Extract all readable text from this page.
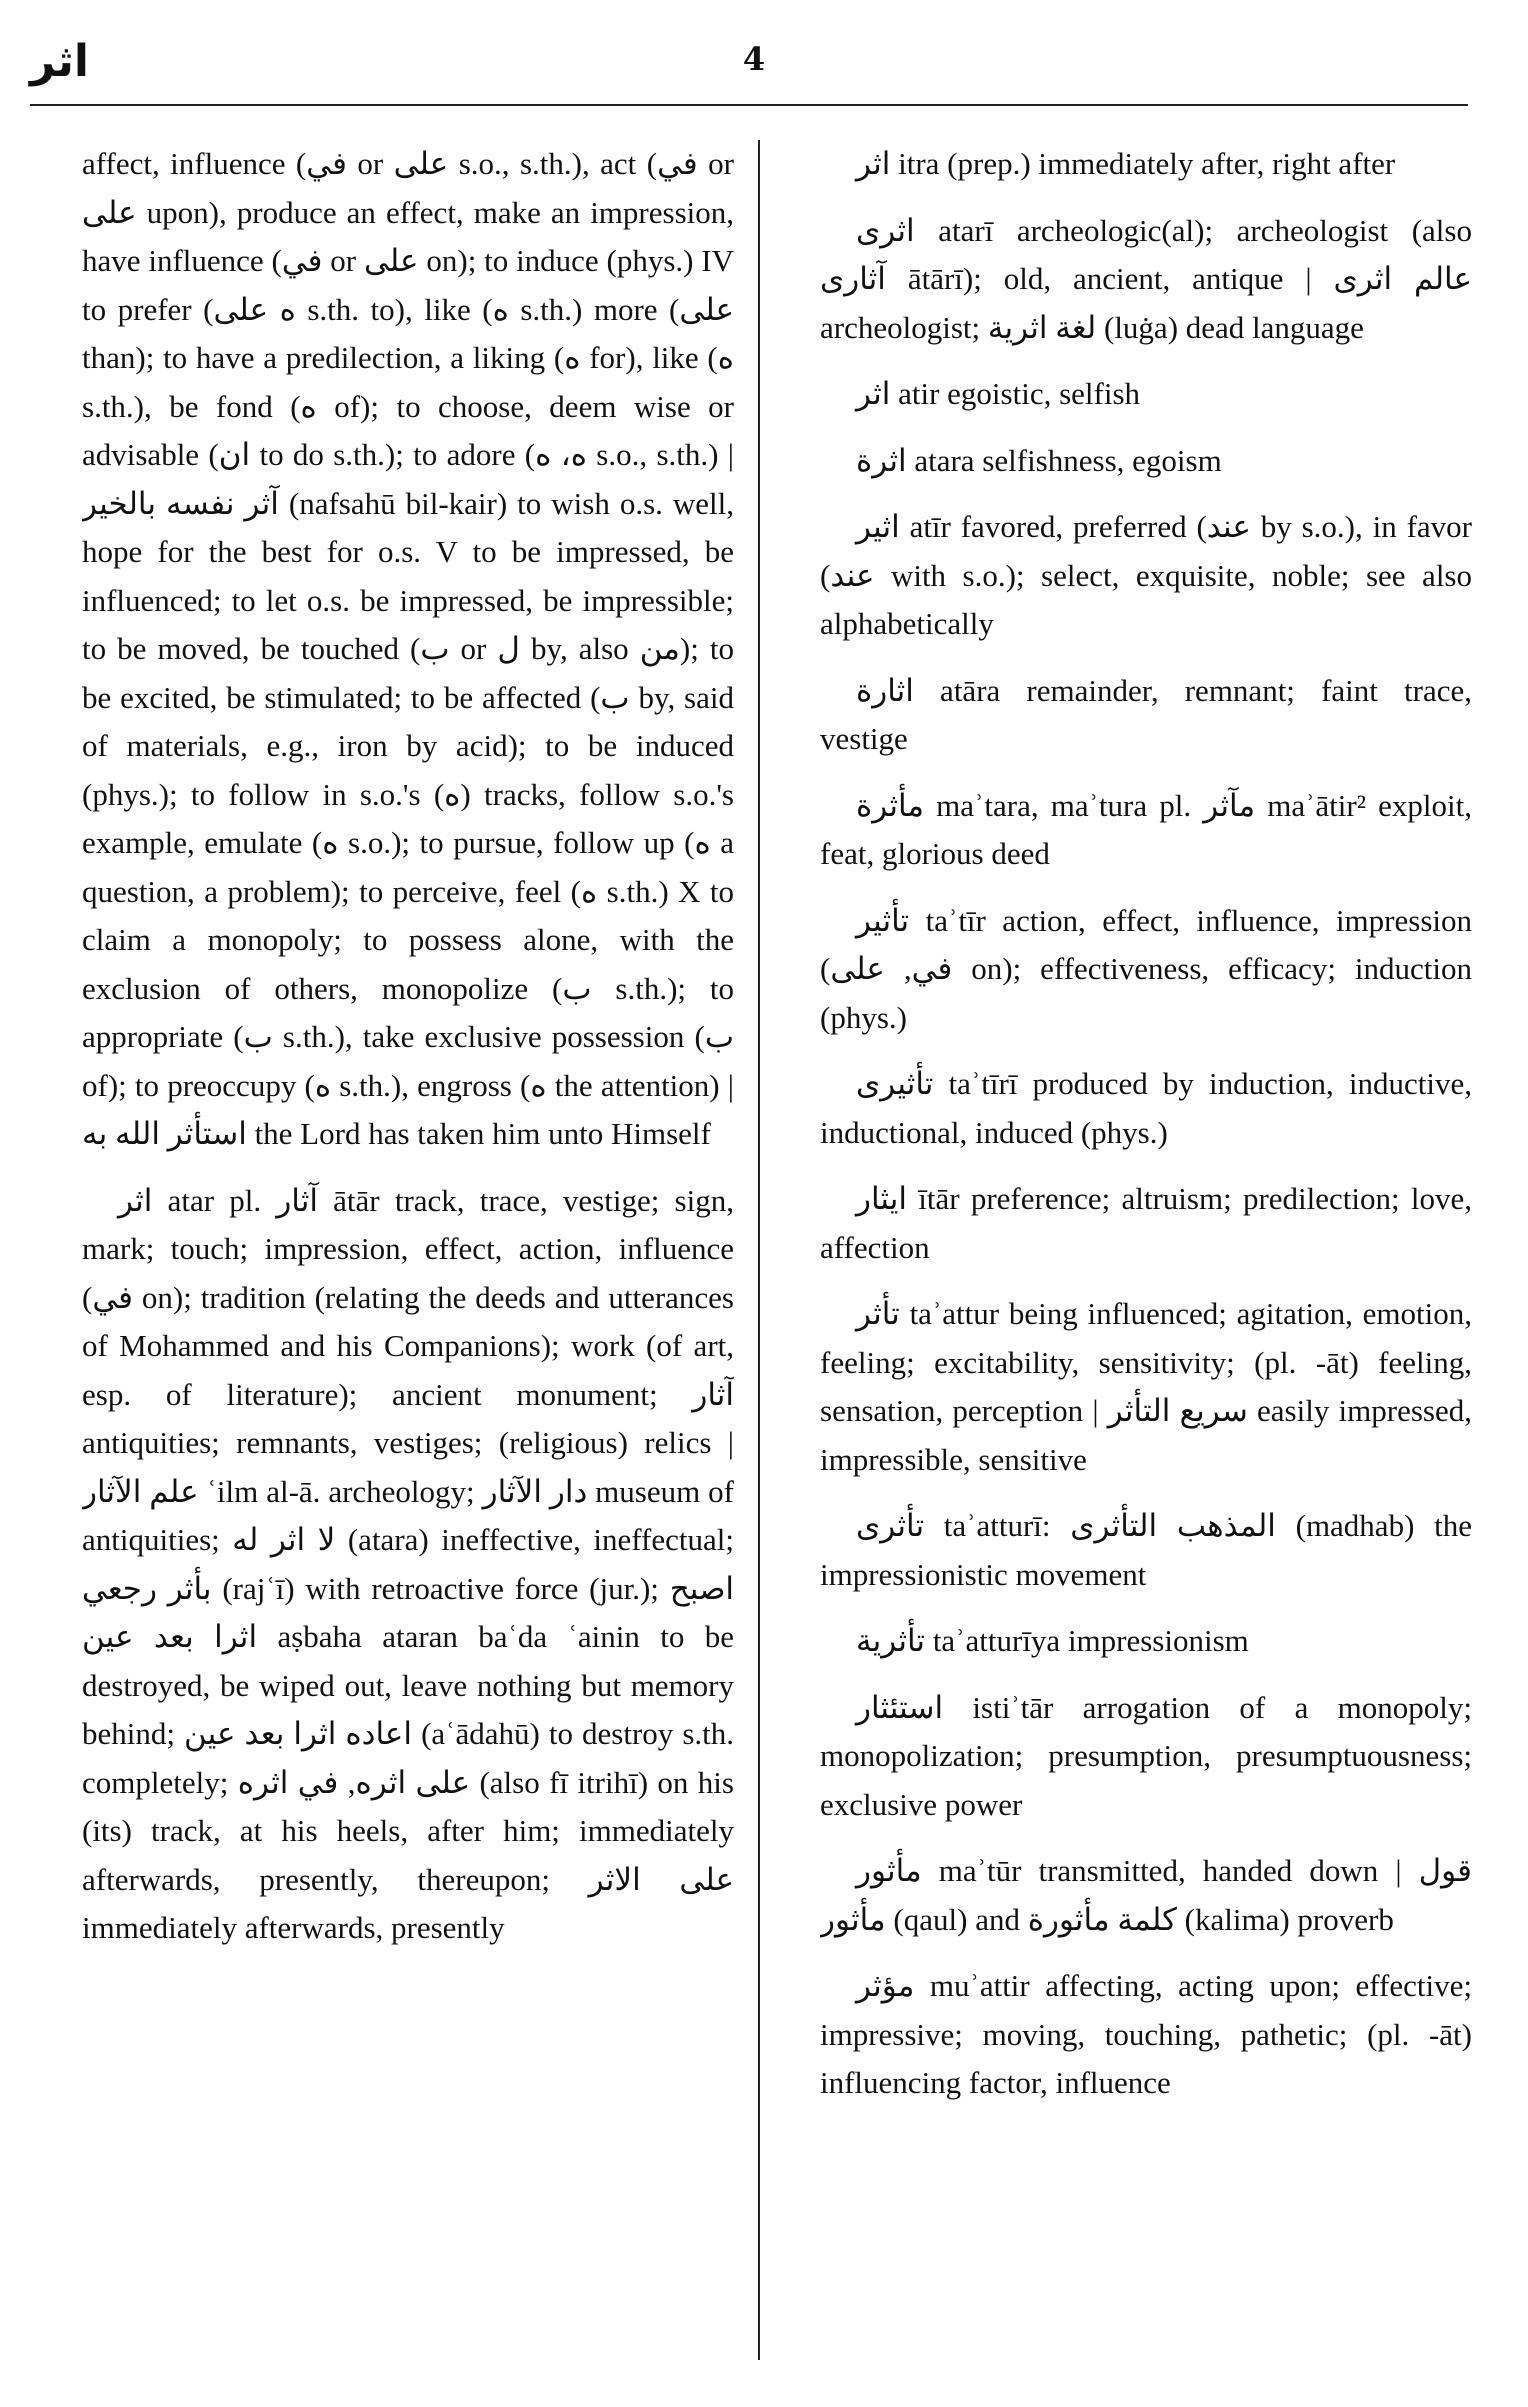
اثر	4

affect, influence (في or على s.o., s.th.), act (في or على upon), produce an effect, make an impression, have influence (في or على on); to induce (phys.) IV to prefer (ه على s.th. to), like (ه s.th.) more (على than); to have a predilection, a liking (ه for), like (ه s.th.), be fond (ه of); to choose, deem wise or advisable (ان to do s.th.); to adore (ه، ه s.o., s.th.) | آثر نفسه بالخير (nafsahū bil-kair) to wish o.s. well, hope for the best for o.s. V to be impressed, be influenced; to let o.s. be impressed, be impressible; to be moved, be touched (ب or ل by, also من); to be excited, be stimulated; to be affected (ب by, said of materials, e.g., iron by acid); to be induced (phys.); to follow in s.o.'s (ه) tracks, follow s.o.'s example, emulate (ه s.o.); to pursue, follow up (ه a question, a problem); to perceive, feel (ه s.th.) X to claim a monopoly; to possess alone, with the exclusion of others, monopolize (ب s.th.); to appropriate (ب s.th.), take exclusive possession (ب of); to preoccupy (ه s.th.), engross (ه the attention) | استأثر الله به the Lord has taken him unto Himself

اثر atar pl. آثار ātār track, trace, vestige; sign, mark; touch; impression, effect, action, influence (في on); tradition (relating the deeds and utterances of Mohammed and his Companions); work (of art, esp. of literature); ancient monument; آثار antiquities; remnants, vestiges; (religious) relics | علم الآثار ʿilm al-ā. archeology; دار الآثار museum of antiquities; لا اثر له (atara) ineffective, ineffectual; بأثر رجعي (rajʿī) with retroactive force (jur.); اصبح اثرا بعد عين aṣbaha ataran baʿda ʿainin to be destroyed, be wiped out, leave nothing but memory behind; اعاده اثرا بعد عين (aʿādahū) to destroy s.th. completely; على اثره, في اثره (also fī itrihī) on his (its) track, at his heels, after him; immediately afterwards, presently, thereupon; على الاثر immediately afterwards, presently

اثر itra (prep.) immediately after, right after

اثرى atarī archeologic(al); archeologist (also آثارى ātārī); old, ancient, antique | عالم اثرى archeologist; لغة اثرية (luġa) dead language

اثر atir egoistic, selfish

اثرة atara selfishness, egoism

اثير atīr favored, preferred (عند by s.o.), in favor (عند with s.o.); select, exquisite, noble; see also alphabetically

اثارة atāra remainder, remnant; faint trace, vestige

مأثرة maʾtara, maʾtura pl. مآثر maʾātir² exploit, feat, glorious deed

تأثير taʾtīr action, effect, influence, impression (في, على on); effectiveness, efficacy; induction (phys.)

تأثيرى taʾtīrī produced by induction, inductive, inductional, induced (phys.)

ايثار ītār preference; altruism; predilection; love, affection

تأثر taʾattur being influenced; agitation, emotion, feeling; excitability, sensitivity; (pl. -āt) feeling, sensation, perception | سريع التأثر easily impressed, impressible, sensitive

تأثرى taʾatturī: المذهب التأثرى (madhab) the impressionistic movement

تأثرية taʾatturīya impressionism

استئثار istiʾtār arrogation of a monopoly; monopolization; presumption, presumptuousness; exclusive power

مأثور maʾtūr transmitted, handed down | قول مأثور (qaul) and كلمة مأثورة (kalima) proverb

مؤثر muʾattir affecting, acting upon; effective; impressive; moving, touching, pathetic; (pl. -āt) influencing factor, influence
